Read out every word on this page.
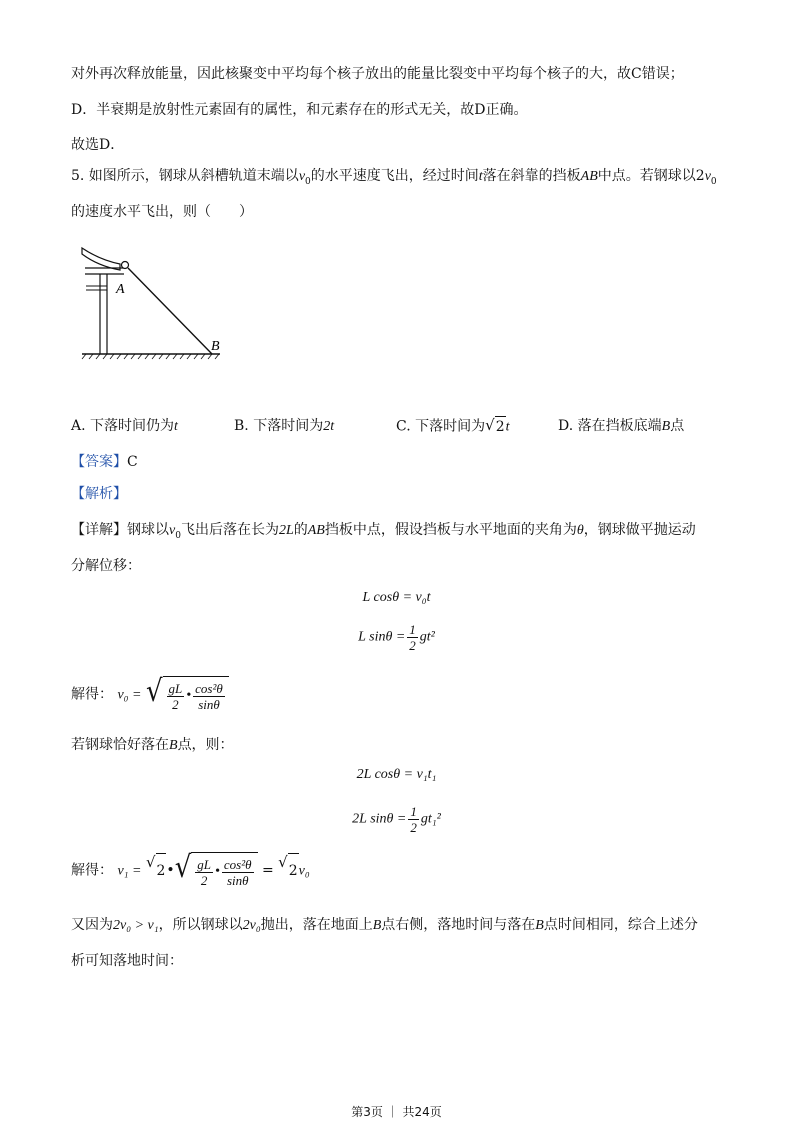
对外再次释放能量，因此核聚变中平均每个核子放出的能量比裂变中平均每个核子的大，故C错误；
D．半衰期是放射性元素固有的属性，和元素存在的形式无关，故D正确。
故选D．
5. 如图所示，钢球从斜槽轨道末端以$v_0$的水平速度飞出，经过时间t落在斜靠的挡板AB中点。若钢球以$2v_0$
的速度水平飞出，则（　　）
A
B
A. 下落时间仍为t	B. 下落时间为2t	C. 下落时间为 √ 2 t	D. 落在挡板底端B点
【答案】C
【解析】
【详解】钢球以$v_0$飞出后落在长为2L的AB挡板中点，假设挡板与水平地面的夹角为θ，钢球做平抛运动
分解位移：
L cosθ = v₀t
L $\sin\theta = \frac{1}{2} gt^2$
解得： v₀ = √ $\frac{gL}{2}$ • $\frac{\text{cos²θ}}{\sin\theta}$
若钢球恰好落在B点，则：
2L cosθ = v₁t₁
2L $\sin\theta = \frac{1}{2} gt_1^2$
解得： v₁ = √ 2 • √ $\frac{gL}{2}$ • $\frac{\text{cos²θ}}{\sin\theta}$ = √ 2 v₀
又因为2v₀ > v₁，所以钢球以2v₀抛出，落在地面上B点右侧，落地时间与落在B点时间相同，综合上述分
析可知落地时间：
第3页 ｜ 共24页
